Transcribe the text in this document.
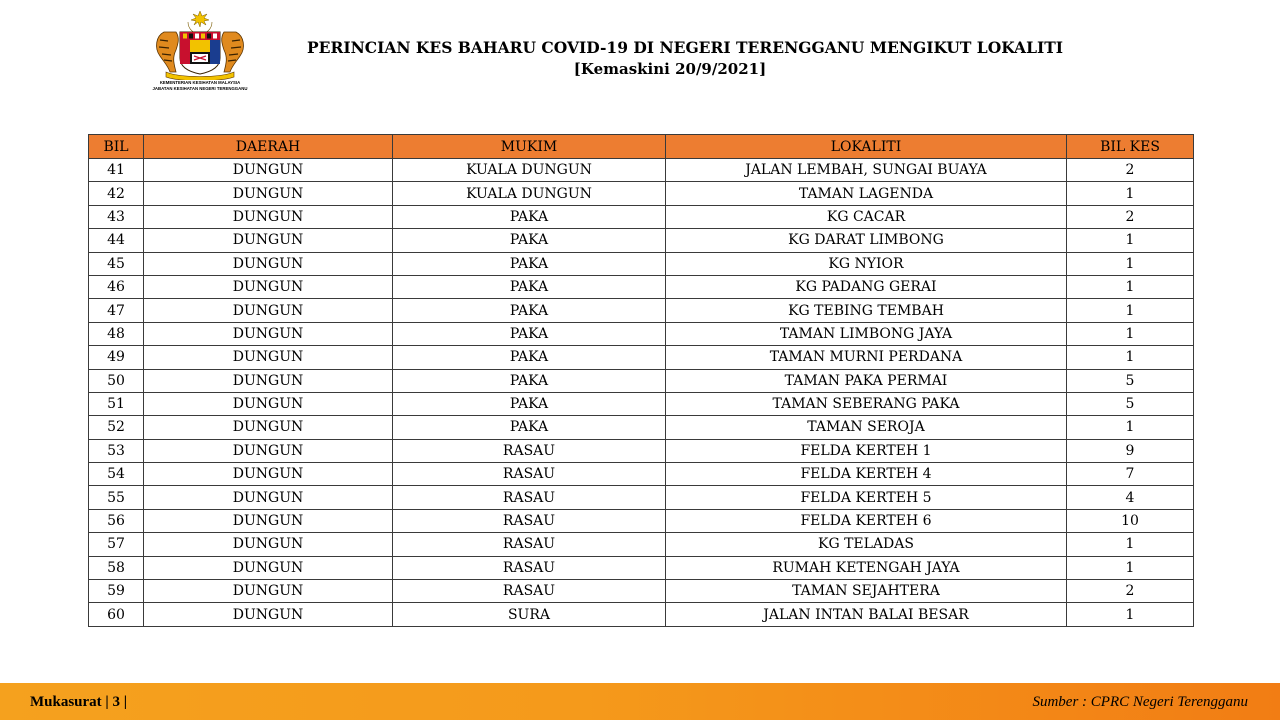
KEMENTERIAN KESIHATAN MALAYSIA
JABATAN KESIHATAN NEGERI TERENGGANU
PERINCIAN KES BAHARU COVID-19 DI NEGERI TERENGGANU MENGIKUT LOKALITI
[Kemaskini 20/9/2021]
BIL	DAERAH	MUKIM	LOKALITI	BIL KES
41	DUNGUN	KUALA DUNGUN	JALAN LEMBAH, SUNGAI BUAYA	2
42	DUNGUN	KUALA DUNGUN	TAMAN LAGENDA	1
43	DUNGUN	PAKA	KG CACAR	2
44	DUNGUN	PAKA	KG DARAT LIMBONG	1
45	DUNGUN	PAKA	KG NYIOR	1
46	DUNGUN	PAKA	KG PADANG GERAI	1
47	DUNGUN	PAKA	KG TEBING TEMBAH	1
48	DUNGUN	PAKA	TAMAN LIMBONG JAYA	1
49	DUNGUN	PAKA	TAMAN MURNI PERDANA	1
50	DUNGUN	PAKA	TAMAN PAKA PERMAI	5
51	DUNGUN	PAKA	TAMAN SEBERANG PAKA	5
52	DUNGUN	PAKA	TAMAN SEROJA	1
53	DUNGUN	RASAU	FELDA KERTEH 1	9
54	DUNGUN	RASAU	FELDA KERTEH 4	7
55	DUNGUN	RASAU	FELDA KERTEH 5	4
56	DUNGUN	RASAU	FELDA KERTEH 6	10
57	DUNGUN	RASAU	KG TELADAS	1
58	DUNGUN	RASAU	RUMAH KETENGAH JAYA	1
59	DUNGUN	RASAU	TAMAN SEJAHTERA	2
60	DUNGUN	SURA	JALAN INTAN BALAI BESAR	1
Mukasurat | 3 |	Sumber : CPRC Negeri Terengganu
